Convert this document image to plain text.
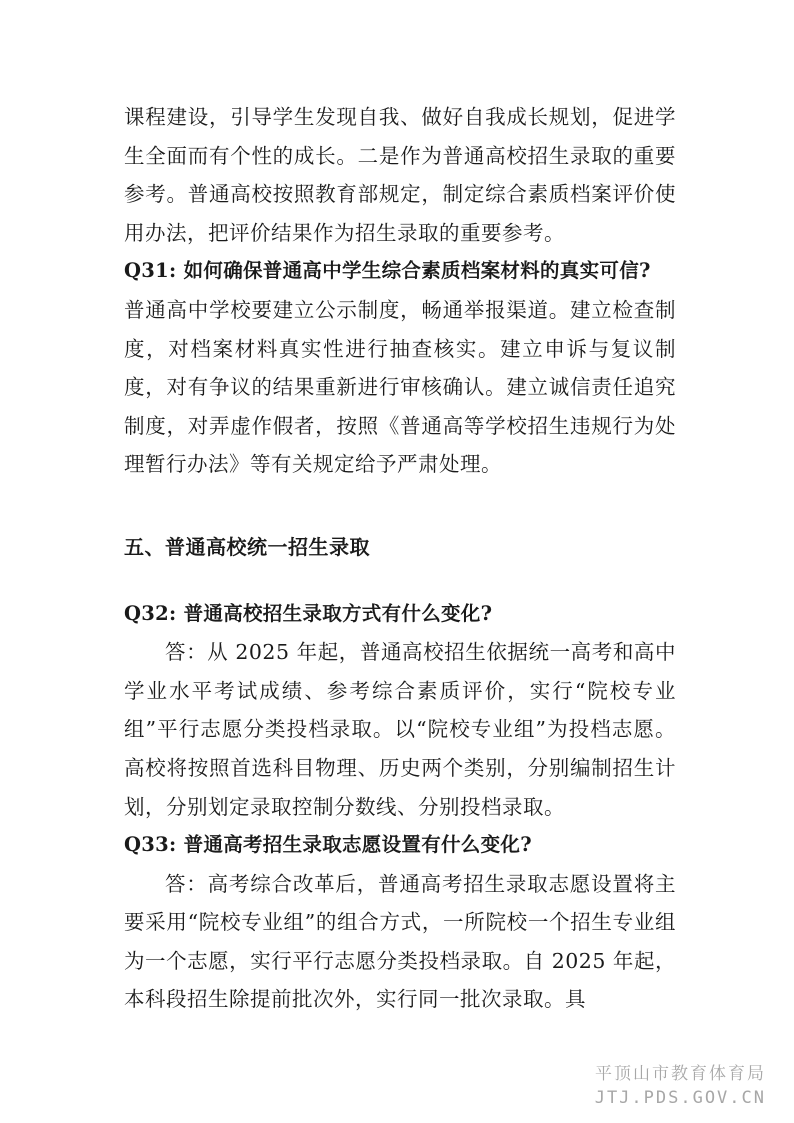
课程建设，引导学生发现自我、做好自我成长规划，促进学生全面而有个性的成长。二是作为普通高校招生录取的重要参考。普通高校按照教育部规定，制定综合素质档案评价使用办法，把评价结果作为招生录取的重要参考。

Q31: 如何确保普通高中学生综合素质档案材料的真实可信?

普通高中学校要建立公示制度，畅通举报渠道。建立检查制度，对档案材料真实性进行抽查核实。建立申诉与复议制度，对有争议的结果重新进行审核确认。建立诚信责任追究制度，对弄虚作假者，按照《普通高等学校招生违规行为处理暂行办法》等有关规定给予严肃处理。

五、普通高校统一招生录取

Q32: 普通高校招生录取方式有什么变化?

答：从 2025 年起，普通高校招生依据统一高考和高中学业水平考试成绩、参考综合素质评价，实行“院校专业组”平行志愿分类投档录取。以“院校专业组”为投档志愿。高校将按照首选科目物理、历史两个类别，分别编制招生计划，分别划定录取控制分数线、分别投档录取。

Q33: 普通高考招生录取志愿设置有什么变化?

答：高考综合改革后，普通高考招生录取志愿设置将主要采用“院校专业组”的组合方式，一所院校一个招生专业组为一个志愿，实行平行志愿分类投档录取。自 2025 年起，本科段招生除提前批次外，实行同一批次录取。具

平顶山市教育体育局
JTJ.PDS.GOV.CN
